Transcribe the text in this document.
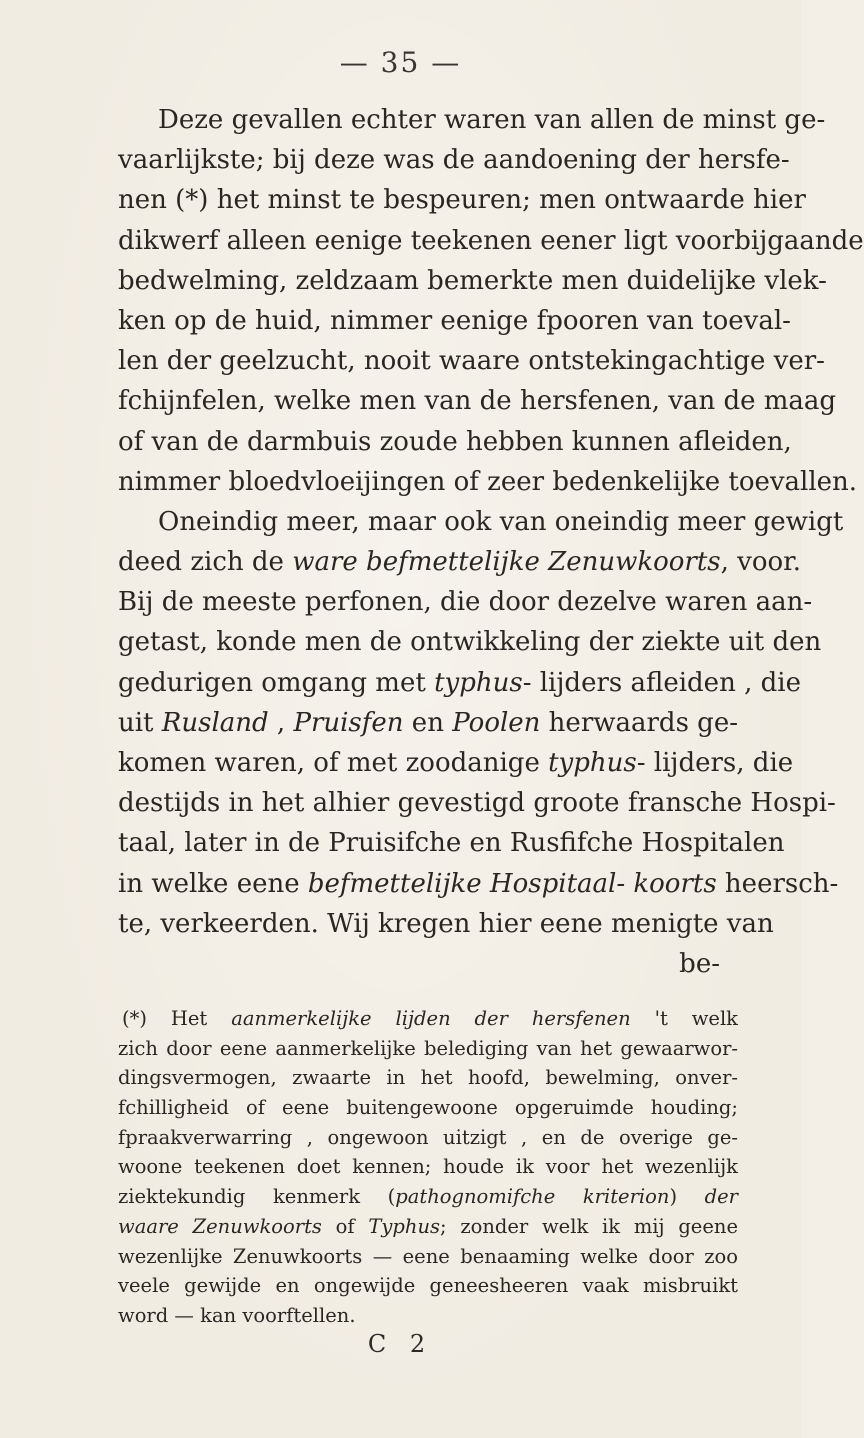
— 35 —
Deze gevallen echter waren van allen de minst ge-
vaarlijkste; bij deze was de aandoening der hersfe-
nen (*) het minst te bespeuren; men ontwaarde hier
dikwerf alleen eenige teekenen eener ligt voorbijgaande
bedwelming, zeldzaam bemerkte men duidelijke vlek-
ken op de huid, nimmer eenige fpooren van toeval-
len der geelzucht, nooit waare ontstekingachtige ver-
fchijnfelen, welke men van de hersfenen, van de maag
of van de darmbuis zoude hebben kunnen afleiden,
nimmer bloedvloeijingen of zeer bedenkelijke toevallen.
Oneindig meer, maar ook van oneindig meer gewigt
deed zich de ware befmettelijke Zenuwkoorts, voor.
Bij de meeste perfonen, die door dezelve waren aan-
getast, konde men de ontwikkeling der ziekte uit den
gedurigen omgang met typhus- lijders afleiden , die
uit Rusland , Pruisfen en Poolen herwaards ge-
komen waren, of met zoodanige typhus- lijders, die
destijds in het alhier gevestigd groote fransche Hospi-
taal, later in de Pruisifche en Rusfifche Hospitalen
in welke eene befmettelijke Hospitaal- koorts heersch-
te, verkeerden. Wij kregen hier eene menigte van
be-
(*) Het aanmerkelijke lijden der hersfenen 't welk
zich door eene aanmerkelijke belediging van het gewaarwor-
dingsvermogen, zwaarte in het hoofd, bewelming, onver-
fchilligheid of eene buitengewoone opgeruimde houding;
fpraakverwarring , ongewoon uitzigt , en de overige ge-
woone teekenen doet kennen; houde ik voor het wezenlijk
ziektekundig kenmerk (pathognomifche kriterion) der
waare Zenuwkoorts of Typhus; zonder welk ik mij geene
wezenlijke Zenuwkoorts — eene benaaming welke door zoo
veele gewijde en ongewijde geneesheeren vaak misbruikt
word — kan voorftellen.
C 2
